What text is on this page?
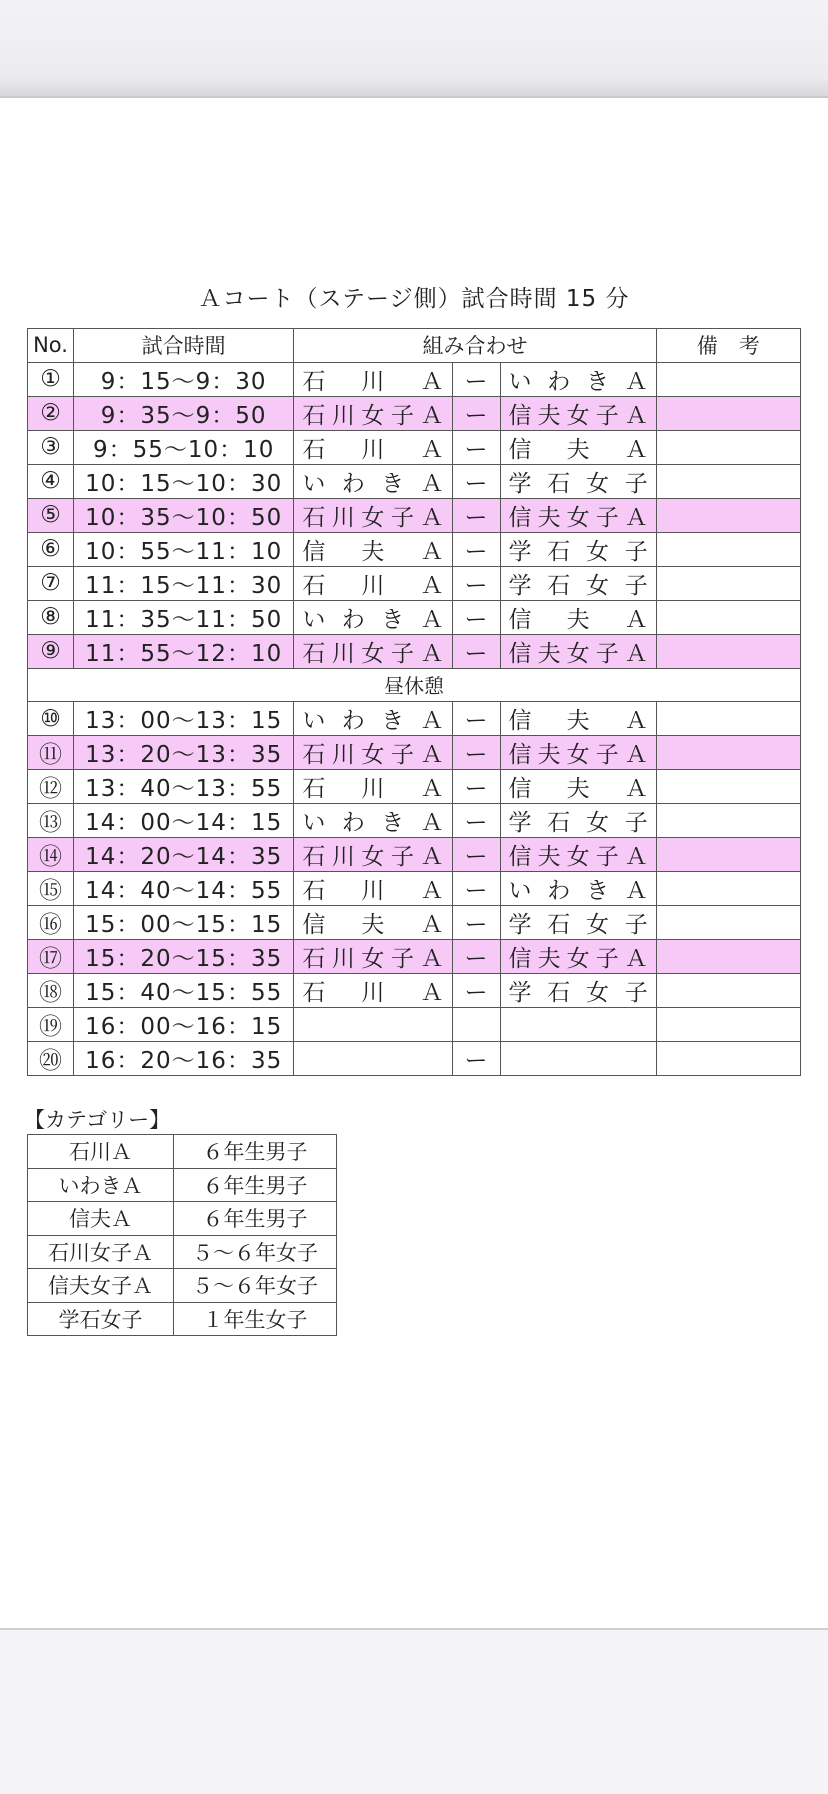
Ａコート（ステージ側）試合時間 15 分
No.	試合時間	組み合わせ			備　考
①	9：15〜9：30	石 川 Ａ	ー	い わ き Ａ	

②	9：35〜9：50	石 川 女 子 Ａ	ー	信 夫 女 子 Ａ	

③	9：55〜10：10	石 川 Ａ	ー	信 夫 Ａ	

④	10：15〜10：30	い わ き Ａ	ー	学 石 女 子	

⑤	10：35〜10：50	石 川 女 子 Ａ	ー	信 夫 女 子 Ａ	

⑥	10：55〜11：10	信 夫 Ａ	ー	学 石 女 子	

⑦	11：15〜11：30	石 川 Ａ	ー	学 石 女 子	

⑧	11：35〜11：50	い わ き Ａ	ー	信 夫 Ａ	

⑨	11：55〜12：10	石 川 女 子 Ａ	ー	信 夫 女 子 Ａ	

昼休憩					
⑩	13：00〜13：15	い わ き Ａ	ー	信 夫 Ａ	

⑪	13：20〜13：35	石 川 女 子 Ａ	ー	信 夫 女 子 Ａ	

⑫	13：40〜13：55	石 川 Ａ	ー	信 夫 Ａ	

⑬	14：00〜14：15	い わ き Ａ	ー	学 石 女 子	

⑭	14：20〜14：35	石 川 女 子 Ａ	ー	信 夫 女 子 Ａ	

⑮	14：40〜14：55	石 川 Ａ	ー	い わ き Ａ	

⑯	15：00〜15：15	信 夫 Ａ	ー	学 石 女 子	

⑰	15：20〜15：35	石 川 女 子 Ａ	ー	信 夫 女 子 Ａ	

⑱	15：40〜15：55	石 川 Ａ	ー	学 石 女 子	

⑲	16：00〜16：15	

⑳	16：20〜16：35		ー	

【カテゴリー】
石川Ａ	６年生男子
いわきＡ	６年生男子
信夫Ａ	６年生男子
石川女子Ａ	５〜６年女子
信夫女子Ａ	５〜６年女子
学石女子	１年生女子
